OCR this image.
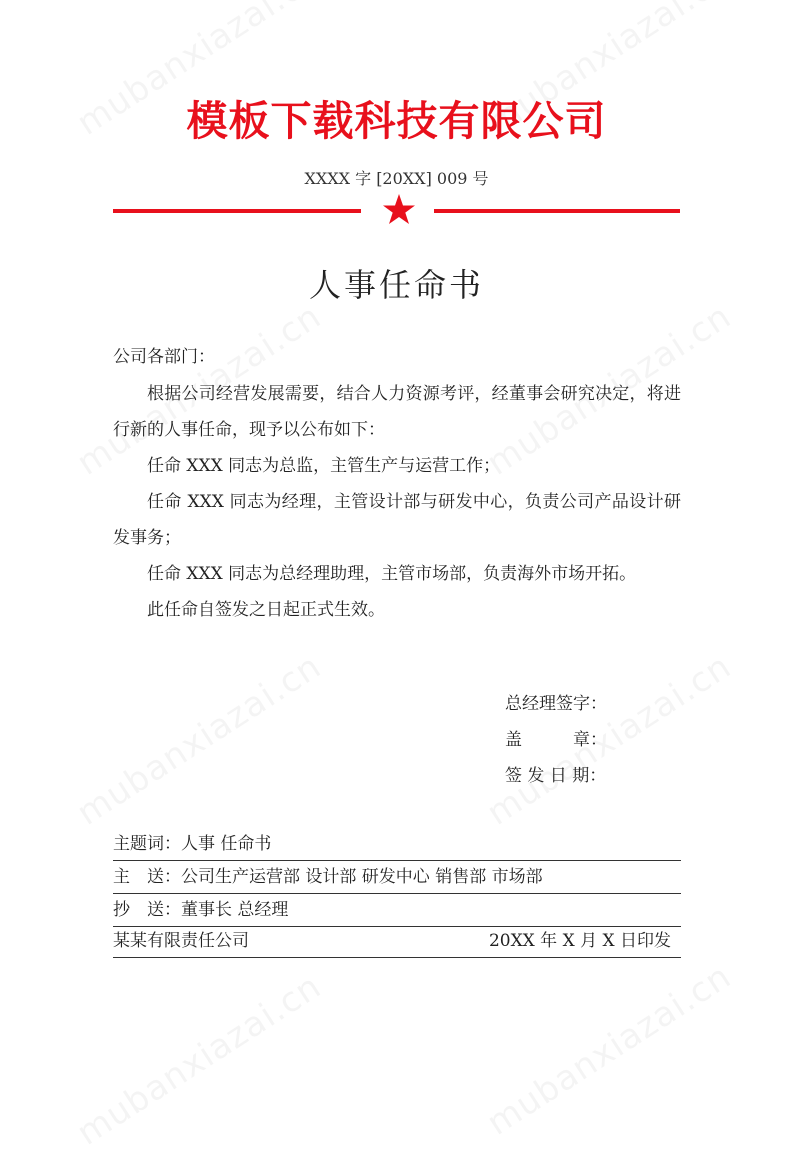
模板下载科技有限公司
XXXX 字 [20XX] 009 号
人事任命书
公司各部门：

根据公司经营发展需要，结合人力资源考评，经董事会研究决定，将进行新的人事任命，现予以公布如下：

任命 XXX 同志为总监，主管生产与运营工作；

任命 XXX 同志为经理，主管设计部与研发中心，负责公司产品设计研发事务；

任命 XXX 同志为总经理助理，主管市场部，负责海外市场开拓。

此任命自签发之日起正式生效。

总经理签字：
盖　　　章：
签 发 日 期：
主题词：人事 任命书
主　送：公司生产运营部 设计部 研发中心 销售部 市场部
抄　送：董事长 总经理
某某有限责任公司	20XX 年 X 月 X 日印发
